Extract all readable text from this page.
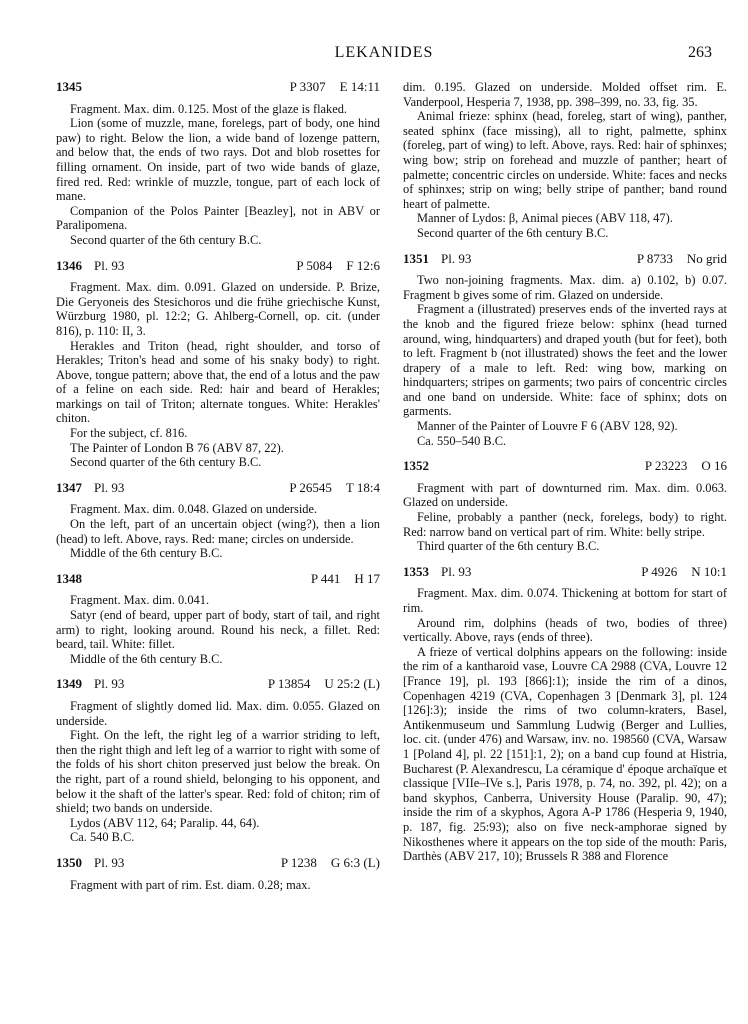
LEKANIDES	263
1345	P 3307 E 14:11

Fragment. Max. dim. 0.125. Most of the glaze is flaked.

Lion (some of muzzle, mane, forelegs, part of body, one hind paw) to right. Below the lion, a wide band of lozenge pattern, and below that, the ends of two rays. Dot and blob rosettes for filling ornament. On inside, part of two wide bands of glaze, fired red. Red: wrinkle of muzzle, tongue, part of each lock of mane.

Companion of the Polos Painter [Beazley], not in ABV or Paralipomena.

Second quarter of the 6th century B.C.

1346 Pl. 93	P 5084 F 12:6

Fragment. Max. dim. 0.091. Glazed on underside. P. Brize, Die Geryoneis des Stesichoros und die frühe griechische Kunst, Würzburg 1980, pl. 12:2; G. Ahlberg-Cornell, op. cit. (under 816), p. 110: II, 3.

Herakles and Triton (head, right shoulder, and torso of Herakles; Triton's head and some of his snaky body) to right. Above, tongue pattern; above that, the end of a lotus and the paw of a feline on each side. Red: hair and beard of Herakles; markings on tail of Triton; alternate tongues. White: Herakles' chiton.

For the subject, cf. 816.

The Painter of London B 76 (ABV 87, 22).

Second quarter of the 6th century B.C.

1347 Pl. 93	P 26545 T 18:4

Fragment. Max. dim. 0.048. Glazed on underside.

On the left, part of an uncertain object (wing?), then a lion (head) to left. Above, rays. Red: mane; circles on underside.

Middle of the 6th century B.C.

1348	P 441 H 17

Fragment. Max. dim. 0.041.

Satyr (end of beard, upper part of body, start of tail, and right arm) to right, looking around. Round his neck, a fillet. Red: beard, tail. White: fillet.

Middle of the 6th century B.C.

1349 Pl. 93	P 13854 U 25:2 (L)

Fragment of slightly domed lid. Max. dim. 0.055. Glazed on underside.

Fight. On the left, the right leg of a warrior striding to left, then the right thigh and left leg of a warrior to right with some of the folds of his short chiton preserved just below the break. On the right, part of a round shield, belonging to his opponent, and below it the shaft of the latter's spear. Red: fold of chiton; rim of shield; two bands on underside.

Lydos (ABV 112, 64; Paralip. 44, 64).

Ca. 540 B.C.

1350 Pl. 93	P 1238 G 6:3 (L)

Fragment with part of rim. Est. diam. 0.28; max.

dim. 0.195. Glazed on underside. Molded offset rim. E. Vanderpool, Hesperia 7, 1938, pp. 398–399, no. 33, fig. 35.

Animal frieze: sphinx (head, foreleg, start of wing), panther, seated sphinx (face missing), all to right, palmette, sphinx (foreleg, part of wing) to left. Above, rays. Red: hair of sphinxes; wing bow; strip on forehead and muzzle of panther; heart of palmette; concentric circles on underside. White: faces and necks of sphinxes; strip on wing; belly stripe of panther; band round heart of palmette.

Manner of Lydos: β, Animal pieces (ABV 118, 47).

Second quarter of the 6th century B.C.

1351 Pl. 93	P 8733 No grid

Two non-joining fragments. Max. dim. a) 0.102, b) 0.07. Fragment b gives some of rim. Glazed on underside.

Fragment a (illustrated) preserves ends of the inverted rays at the knob and the figured frieze below: sphinx (head turned around, wing, hindquarters) and draped youth (but for feet), both to left. Fragment b (not illustrated) shows the feet and the lower drapery of a male to left. Red: wing bow, marking on hindquarters; stripes on garments; two pairs of concentric circles and one band on underside. White: face of sphinx; dots on garments.

Manner of the Painter of Louvre F 6 (ABV 128, 92).

Ca. 550–540 B.C.

1352	P 23223 O 16

Fragment with part of downturned rim. Max. dim. 0.063. Glazed on underside.

Feline, probably a panther (neck, forelegs, body) to right. Red: narrow band on vertical part of rim. White: belly stripe.

Third quarter of the 6th century B.C.

1353 Pl. 93	P 4926 N 10:1

Fragment. Max. dim. 0.074. Thickening at bottom for start of rim.

Around rim, dolphins (heads of two, bodies of three) vertically. Above, rays (ends of three).

A frieze of vertical dolphins appears on the following: inside the rim of a kantharoid vase, Louvre CA 2988 (CVA, Louvre 12 [France 19], pl. 193 [866]:1); inside the rim of a dinos, Copenhagen 4219 (CVA, Copenhagen 3 [Denmark 3], pl. 124 [126]:3); inside the rims of two column-kraters, Basel, Antikenmuseum und Sammlung Ludwig (Berger and Lullies, loc. cit. (under 476) and Warsaw, inv. no. 198560 (CVA, Warsaw 1 [Poland 4], pl. 22 [151]:1, 2); on a band cup found at Histria, Bucharest (P. Alexandrescu, La céramique d' époque archaïque et classique [VIIe–IVe s.], Paris 1978, p. 74, no. 392, pl. 42); on a band skyphos, Canberra, University House (Paralip. 90, 47); inside the rim of a skyphos, Agora A-P 1786 (Hesperia 9, 1940, p. 187, fig. 25:93); also on five neck-amphorae signed by Nikosthenes where it appears on the top side of the mouth: Paris, Darthès (ABV 217, 10); Brussels R 388 and Florence
